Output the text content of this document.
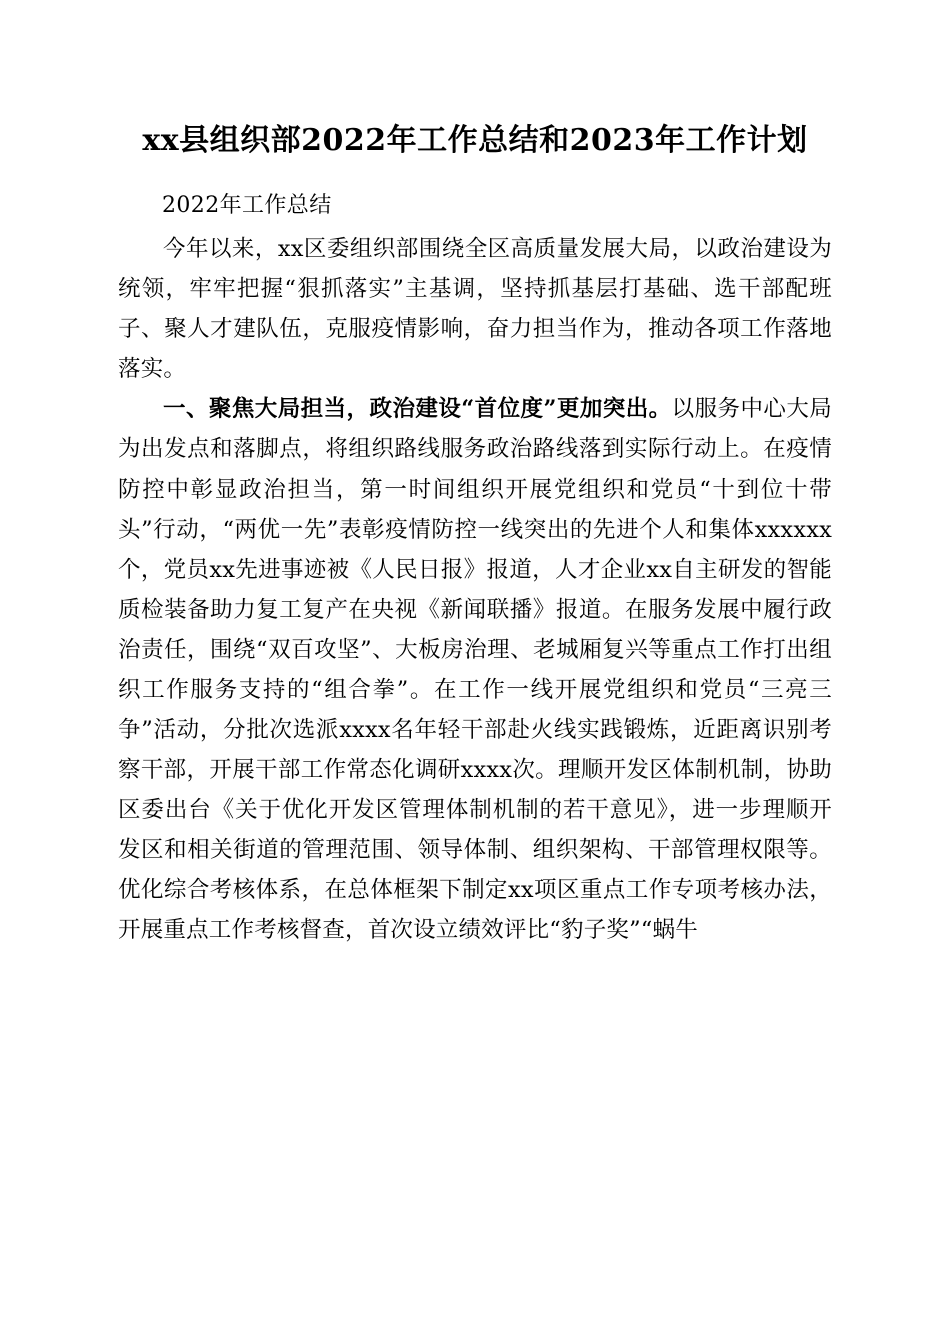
xx县组织部2022年工作总结和2023年工作计划

2022年工作总结

今年以来，xx区委组织部围绕全区高质量发展大局，以政治建设为统领，牢牢把握“狠抓落实”主基调，坚持抓基层打基础、选干部配班子、聚人才建队伍，克服疫情影响，奋力担当作为，推动各项工作落地落实。

一、聚焦大局担当，政治建设“首位度”更加突出。以服务中心大局为出发点和落脚点，将组织路线服务政治路线落到实际行动上。在疫情防控中彰显政治担当，第一时间组织开展党组织和党员“十到位十带头”行动，“两优一先”表彰疫情防控一线突出的先进个人和集体xxxxxx个，党员xx先进事迹被《人民日报》报道，人才企业xx自主研发的智能质检装备助力复工复产在央视《新闻联播》报道。在服务发展中履行政治责任，围绕“双百攻坚”、大板房治理、老城厢复兴等重点工作打出组织工作服务支持的“组合拳”。在工作一线开展党组织和党员“三亮三争”活动，分批次选派xxxx名年轻干部赴火线实践锻炼，近距离识别考察干部，开展干部工作常态化调研xxxx次。理顺开发区体制机制，协助区委出台《关于优化开发区管理体制机制的若干意见》，进一步理顺开发区和相关街道的管理范围、领导体制、组织架构、干部管理权限等。优化综合考核体系，在总体框架下制定xx项区重点工作专项考核办法，开展重点工作考核督查，首次设立绩效评比“豹子奖”“蜗牛
